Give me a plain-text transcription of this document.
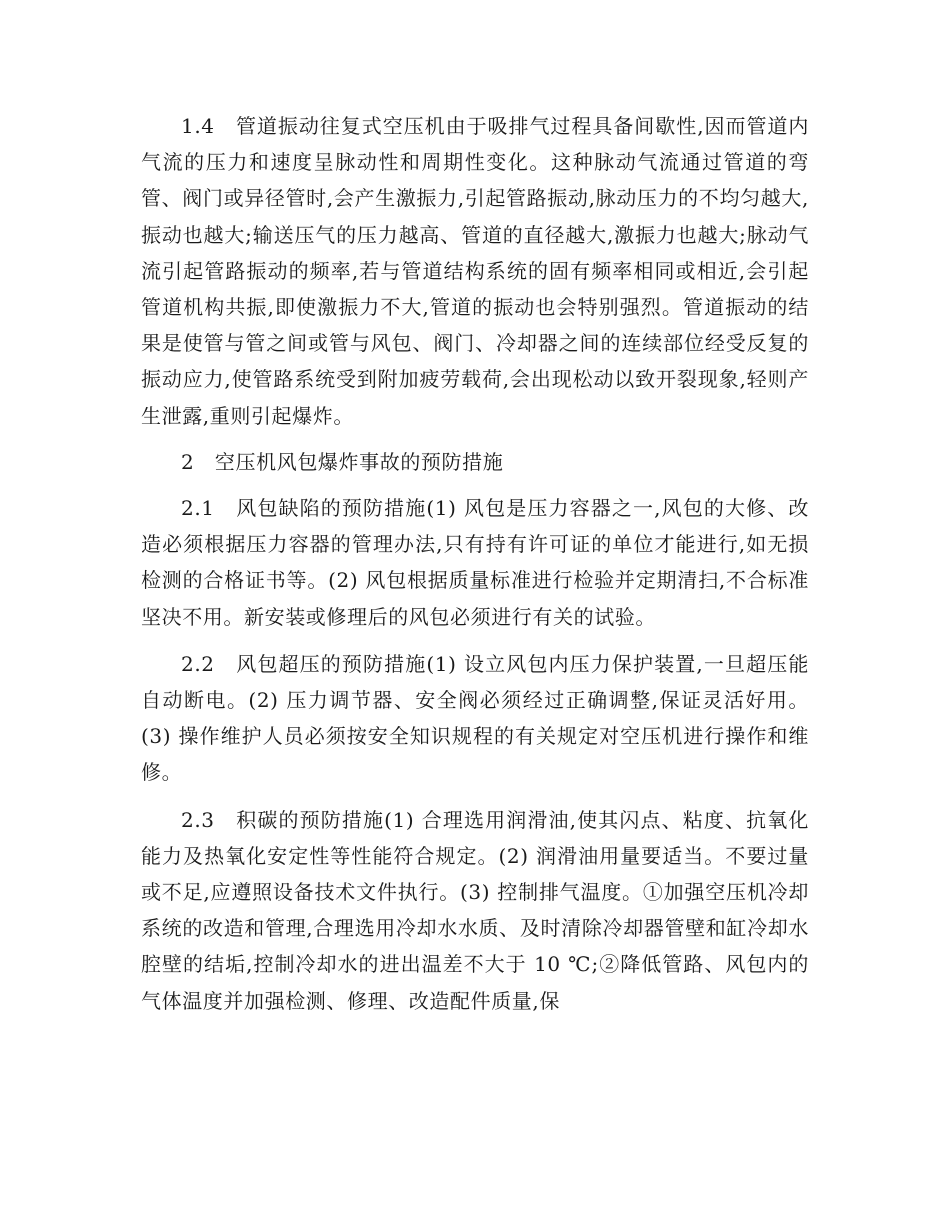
1.4　管道振动往复式空压机由于吸排气过程具备间歇性,因而管道内气流的压力和速度呈脉动性和周期性变化。这种脉动气流通过管道的弯管、阀门或异径管时,会产生激振力,引起管路振动,脉动压力的不均匀越大,振动也越大;输送压气的压力越高、管道的直径越大,激振力也越大;脉动气流引起管路振动的频率,若与管道结构系统的固有频率相同或相近,会引起管道机构共振,即使激振力不大,管道的振动也会特别强烈。管道振动的结果是使管与管之间或管与风包、阀门、冷却器之间的连续部位经受反复的振动应力,使管路系统受到附加疲劳载荷,会出现松动以致开裂现象,轻则产生泄露,重则引起爆炸。

2　空压机风包爆炸事故的预防措施

2.1　风包缺陷的预防措施(1) 风包是压力容器之一,风包的大修、改造必须根据压力容器的管理办法,只有持有许可证的单位才能进行,如无损检测的合格证书等。(2) 风包根据质量标准进行检验并定期清扫,不合标准坚决不用。新安装或修理后的风包必须进行有关的试验。

2.2　风包超压的预防措施(1) 设立风包内压力保护装置,一旦超压能自动断电。(2) 压力调节器、安全阀必须经过正确调整,保证灵活好用。(3) 操作维护人员必须按安全知识规程的有关规定对空压机进行操作和维修。

2.3　积碳的预防措施(1) 合理选用润滑油,使其闪点、粘度、抗氧化能力及热氧化安定性等性能符合规定。(2) 润滑油用量要适当。不要过量或不足,应遵照设备技术文件执行。(3) 控制排气温度。①加强空压机冷却系统的改造和管理,合理选用冷却水水质、及时清除冷却器管壁和缸冷却水腔壁的结垢,控制冷却水的进出温差不大于 10 ℃;②降低管路、风包内的气体温度并加强检测、修理、改造配件质量,保
